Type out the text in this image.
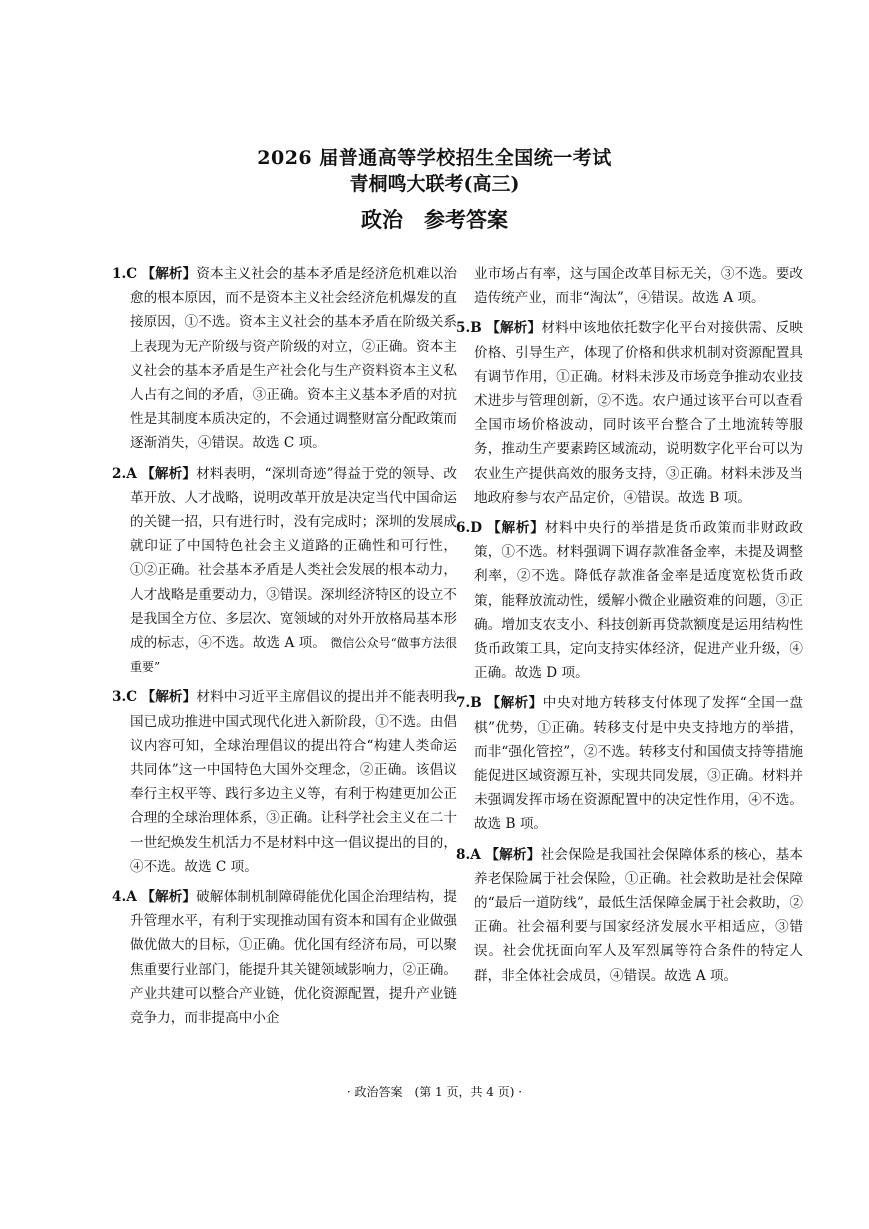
2026 届普通高等学校招生全国统一考试
青桐鸣大联考(高三)
政治　参考答案

1.C 【解析】资本主义社会的基本矛盾是经济危机难以治愈的根本原因，而不是资本主义社会经济危机爆发的直接原因，①不选。资本主义社会的基本矛盾在阶级关系上表现为无产阶级与资产阶级的对立，②正确。资本主义社会的基本矛盾是生产社会化与生产资料资本主义私人占有之间的矛盾，③正确。资本主义基本矛盾的对抗性是其制度本质决定的，不会通过调整财富分配政策而逐渐消失，④错误。故选 C 项。

2.A 【解析】材料表明，“深圳奇迹”得益于党的领导、改革开放、人才战略，说明改革开放是决定当代中国命运的关键一招，只有进行时，没有完成时；深圳的发展成就印证了中国特色社会主义道路的正确性和可行性，①②正确。社会基本矛盾是人类社会发展的根本动力，人才战略是重要动力，③错误。深圳经济特区的设立不是我国全方位、多层次、宽领域的对外开放格局基本形成的标志，④不选。故选 A 项。 微信公众号“做事方法很重要”

3.C 【解析】材料中习近平主席倡议的提出并不能表明我国已成功推进中国式现代化进入新阶段，①不选。由倡议内容可知，全球治理倡议的提出符合“构建人类命运共同体”这一中国特色大国外交理念，②正确。该倡议奉行主权平等、践行多边主义等，有利于构建更加公正合理的全球治理体系，③正确。让科学社会主义在二十一世纪焕发生机活力不是材料中这一倡议提出的目的，④不选。故选 C 项。

4.A 【解析】破解体制机制障碍能优化国企治理结构，提升管理水平，有利于实现推动国有资本和国有企业做强做优做大的目标，①正确。优化国有经济布局，可以聚焦重要行业部门，能提升其关键领域影响力，②正确。产业共建可以整合产业链，优化资源配置，提升产业链竞争力，而非提高中小企

业市场占有率，这与国企改革目标无关，③不选。要改造传统产业，而非“淘汰”，④错误。故选 A 项。

5.B 【解析】材料中该地依托数字化平台对接供需、反映价格、引导生产，体现了价格和供求机制对资源配置具有调节作用，①正确。材料未涉及市场竞争推动农业技术进步与管理创新，②不选。农户通过该平台可以查看全国市场价格波动，同时该平台整合了土地流转等服务，推动生产要素跨区域流动，说明数字化平台可以为农业生产提供高效的服务支持，③正确。材料未涉及当地政府参与农产品定价，④错误。故选 B 项。

6.D 【解析】材料中央行的举措是货币政策而非财政政策，①不选。材料强调下调存款准备金率，未提及调整利率，②不选。降低存款准备金率是适度宽松货币政策，能释放流动性，缓解小微企业融资难的问题，③正确。增加支农支小、科技创新再贷款额度是运用结构性货币政策工具，定向支持实体经济，促进产业升级，④正确。故选 D 项。

7.B 【解析】中央对地方转移支付体现了发挥“全国一盘棋”优势，①正确。转移支付是中央支持地方的举措，而非“强化管控”，②不选。转移支付和国债支持等措施能促进区域资源互补，实现共同发展，③正确。材料并未强调发挥市场在资源配置中的决定性作用，④不选。故选 B 项。

8.A 【解析】社会保险是我国社会保障体系的核心，基本养老保险属于社会保险，①正确。社会救助是社会保障的“最后一道防线”，最低生活保障金属于社会救助，②正确。社会福利要与国家经济发展水平相适应，③错误。社会优抚面向军人及军烈属等符合条件的特定人群，非全体社会成员，④错误。故选 A 项。

· 政治答案　(第 1 页，共 4 页) ·
